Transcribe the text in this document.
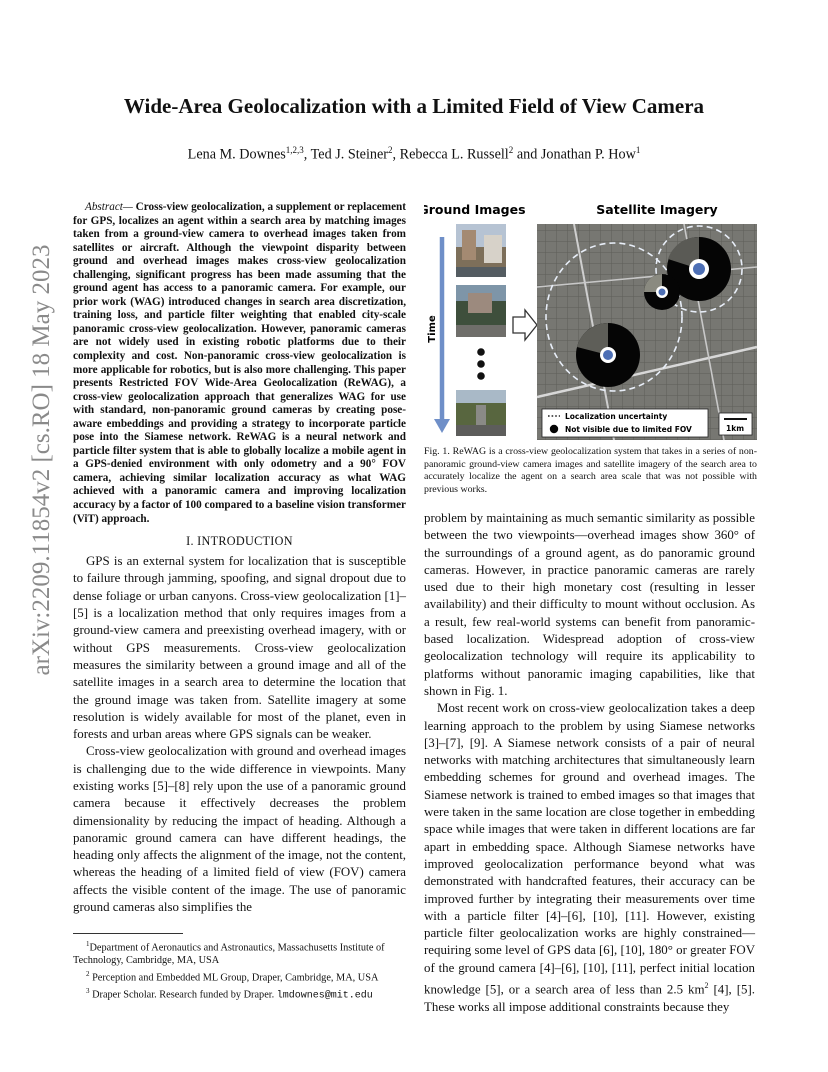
Wide-Area Geolocalization with a Limited Field of View Camera
Lena M. Downes$^{1,2,3}$, Ted J. Steiner$^2$, Rebecca L. Russell$^2$ and Jonathan P. How$^1$
arXiv:2209.11854v2 [cs.RO] 18 May 2023

Abstract— Cross-view geolocalization, a supplement or replacement for GPS, localizes an agent within a search area by matching images taken from a ground-view camera to overhead images taken from satellites or aircraft. Although the viewpoint disparity between ground and overhead images makes cross-view geolocalization challenging, significant progress has been made assuming that the ground agent has access to a panoramic camera. For example, our prior work (WAG) introduced changes in search area discretization, training loss, and particle filter weighting that enabled city-scale panoramic cross-view geolocalization. However, panoramic cameras are not widely used in existing robotic platforms due to their complexity and cost. Non-panoramic cross-view geolocalization is more applicable for robotics, but is also more challenging. This paper presents Restricted FOV Wide-Area Geolocalization (ReWAG), a cross-view geolocalization approach that generalizes WAG for use with standard, non-panoramic ground cameras by creating pose-aware embeddings and providing a strategy to incorporate particle pose into the Siamese network. ReWAG is a neural network and particle filter system that is able to globally localize a mobile agent in a GPS-denied environment with only odometry and a 90° FOV camera, achieving similar localization accuracy as what WAG achieved with a panoramic camera and improving localization accuracy by a factor of 100 compared to a baseline vision transformer (ViT) approach.

I. INTRODUCTION

GPS is an external system for localization that is susceptible to failure through jamming, spoofing, and signal dropout due to dense foliage or urban canyons. Cross-view geolocalization [1]–[5] is a localization method that only requires images from a ground-view camera and preexisting overhead imagery, with or without GPS measurements. Cross-view geolocalization measures the similarity between a ground image and all of the satellite images in a search area to determine the location that the ground image was taken from. Satellite imagery at some resolution is widely available for most of the planet, even in forests and urban areas where GPS signals can be weaker.

Cross-view geolocalization with ground and overhead images is challenging due to the wide difference in viewpoints. Many existing works [5]–[8] rely upon the use of a panoramic ground camera because it effectively decreases the problem dimensionality by reducing the impact of heading. Although a panoramic ground camera can have different headings, the heading only affects the alignment of the image, not the content, whereas the heading of a limited field of view (FOV) camera affects the visible content of the image. The use of panoramic ground cameras also simplifies the

$^1$Department of Aeronautics and Astronautics, Massachusetts Institute of Technology, Cambridge, MA, USA

$^2$ Perception and Embedded ML Group, Draper, Cambridge, MA, USA

$^3$ Draper Scholar. Research funded by Draper. lmdownes@mit.edu

Ground Images	Satellite Imagery
Time
Localization uncertainty
Not visible due to limited FOV	1km
Fig. 1. ReWAG is a cross-view geolocalization system that takes in a series of non-panoramic ground-view camera images and satellite imagery of the search area to accurately localize the agent on a search area scale that was not possible with previous works.

problem by maintaining as much semantic similarity as possible between the two viewpoints—overhead images show 360° of the surroundings of a ground agent, as do panoramic ground cameras. However, in practice panoramic cameras are rarely used due to their high monetary cost (resulting in lesser availability) and their difficulty to mount without occlusion. As a result, few real-world systems can benefit from panoramic-based localization. Widespread adoption of cross-view geolocalization technology will require its applicability to platforms without panoramic imaging capabilities, like that shown in Fig. 1.

Most recent work on cross-view geolocalization takes a deep learning approach to the problem by using Siamese networks [3]–[7], [9]. A Siamese network consists of a pair of neural networks with matching architectures that simultaneously learn embedding schemes for ground and overhead images. The Siamese network is trained to embed images so that images that were taken in the same location are close together in embedding space while images that were taken in different locations are far apart in embedding space. Although Siamese networks have improved geolocalization performance beyond what was demonstrated with handcrafted features, their accuracy can be improved further by integrating their measurements over time with a particle filter [4]–[6], [10], [11]. However, existing particle filter geolocalization works are highly constrained— requiring some level of GPS data [6], [10], 180° or greater FOV of the ground camera [4]–[6], [10], [11], perfect initial location knowledge [5], or a search area of less than 2.5 $km^2$ [4], [5]. These works all impose additional constraints because they
